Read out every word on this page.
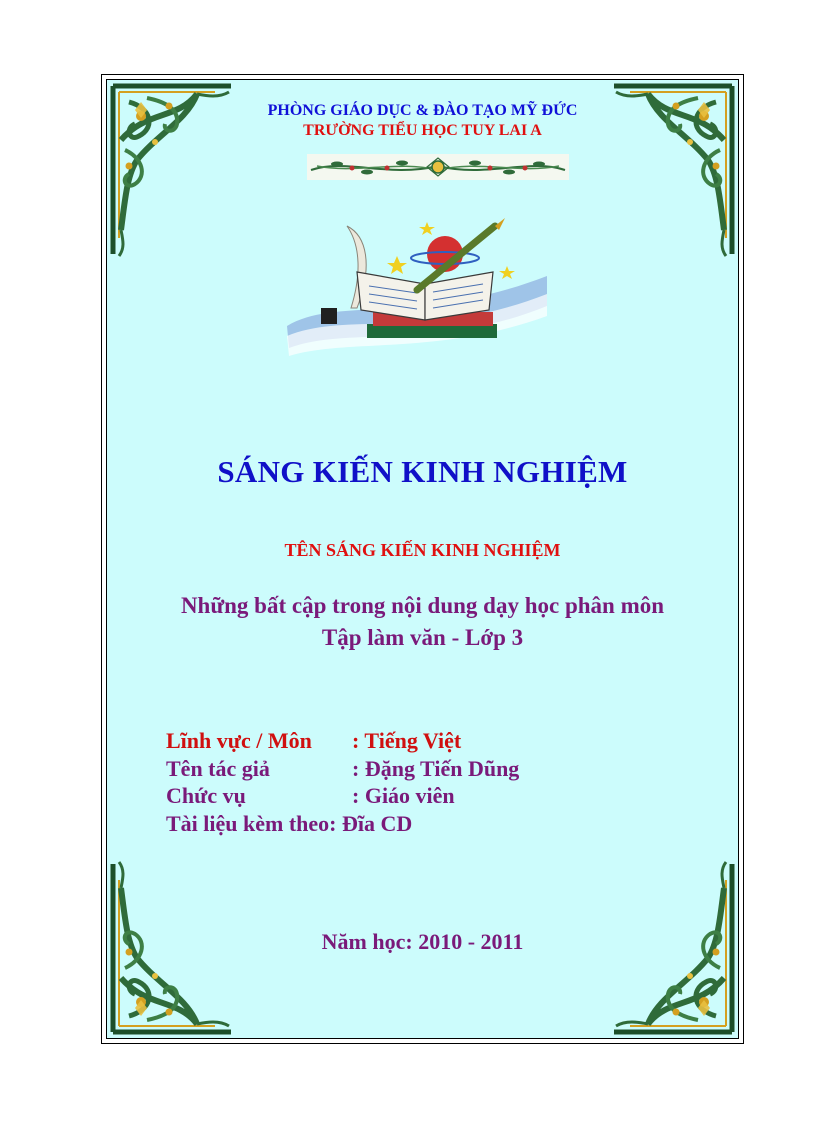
PHÒNG GIÁO DỤC & ĐÀO TẠO MỸ ĐỨC
TRƯỜNG TIỂU HỌC TUY LAI A
SÁNG KIẾN KINH NGHIỆM
TÊN SÁNG KIẾN KINH NGHIỆM
Những bất cập trong nội dung dạy học phân môn
Tập làm văn - Lớp 3
Lĩnh vực / Môn : Tiếng Việt
Tên tác giả	: Đặng Tiến Dũng
Chức vụ	: Giáo viên
Tài liệu kèm theo: Đĩa CD
Năm học: 2010 - 2011
